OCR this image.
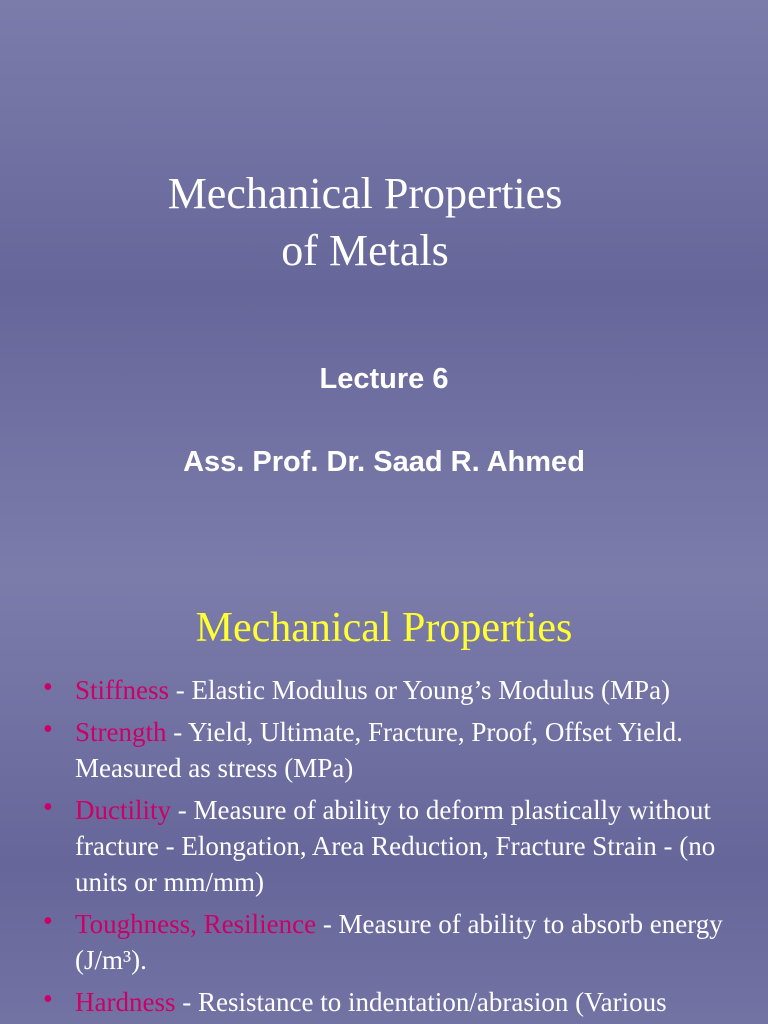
Mechanical Properties
of Metals
Lecture 6
Ass. Prof. Dr. Saad R. Ahmed
Mechanical Properties
• Stiffness - Elastic Modulus or Young’s Modulus (MPa)
• Strength - Yield, Ultimate, Fracture, Proof, Offset Yield. Measured as stress (MPa)
• Ductility - Measure of ability to deform plastically without fracture - Elongation, Area Reduction, Fracture Strain - (no units or mm/mm)
• Toughness, Resilience - Measure of ability to absorb energy (J/m³).
• Hardness - Resistance to indentation/abrasion (Various
